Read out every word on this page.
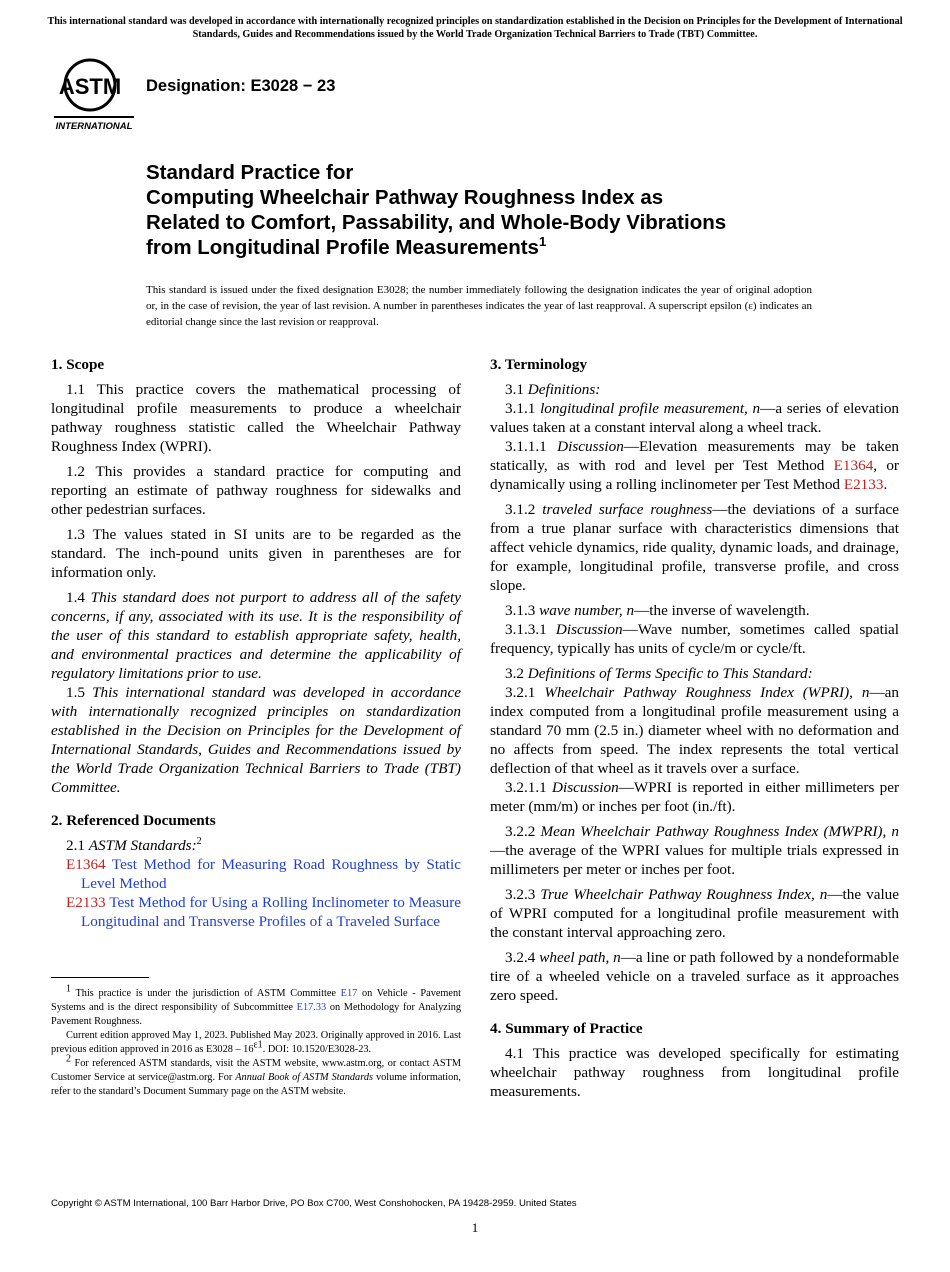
This international standard was developed in accordance with internationally recognized principles on standardization established in the Decision on Principles for the Development of International Standards, Guides and Recommendations issued by the World Trade Organization Technical Barriers to Trade (TBT) Committee.
ASTM
INTERNATIONAL
Designation: E3028 − 23
Standard Practice for
Computing Wheelchair Pathway Roughness Index as
Related to Comfort, Passability, and Whole-Body Vibrations
from Longitudinal Profile Measurements$^1$
This standard is issued under the fixed designation E3028; the number immediately following the designation indicates the year of original adoption or, in the case of revision, the year of last revision. A number in parentheses indicates the year of last reapproval. A superscript epsilon (ε) indicates an editorial change since the last revision or reapproval.
1. Scope

1.1 This practice covers the mathematical processing of longitudinal profile measurements to produce a wheelchair pathway roughness statistic called the Wheelchair Pathway Roughness Index (WPRI).

1.2 This provides a standard practice for computing and reporting an estimate of pathway roughness for sidewalks and other pedestrian surfaces.

1.3 The values stated in SI units are to be regarded as the standard. The inch-pound units given in parentheses are for information only.

1.4 This standard does not purport to address all of the safety concerns, if any, associated with its use. It is the responsibility of the user of this standard to establish appropriate safety, health, and environmental practices and determine the applicability of regulatory limitations prior to use.

1.5 This international standard was developed in accordance with internationally recognized principles on standardization established in the Decision on Principles for the Development of International Standards, Guides and Recommendations issued by the World Trade Organization Technical Barriers to Trade (TBT) Committee.

2. Referenced Documents

2.1 ASTM Standards:$^2$

E1364 Test Method for Measuring Road Roughness by Static Level Method

E2133 Test Method for Using a Rolling Inclinometer to Measure Longitudinal and Transverse Profiles of a Traveled Surface

1 This practice is under the jurisdiction of ASTM Committee E17 on Vehicle - Pavement Systems and is the direct responsibility of Subcommittee E17.33 on Methodology for Analyzing Pavement Roughness.

Current edition approved May 1, 2023. Published May 2023. Originally approved in 2016. Last previous edition approved in 2016 as E3028 – 16ε1. DOI: 10.1520/E3028-23.

2 For referenced ASTM standards, visit the ASTM website, www.astm.org, or contact ASTM Customer Service at service@astm.org. For Annual Book of ASTM Standards volume information, refer to the standard’s Document Summary page on the ASTM website.

3. Terminology

3.1 Definitions:

3.1.1 longitudinal profile measurement, n—a series of elevation values taken at a constant interval along a wheel track.

3.1.1.1 Discussion—Elevation measurements may be taken statically, as with rod and level per Test Method E1364, or dynamically using a rolling inclinometer per Test Method E2133.

3.1.2 traveled surface roughness—the deviations of a surface from a true planar surface with characteristics dimensions that affect vehicle dynamics, ride quality, dynamic loads, and drainage, for example, longitudinal profile, transverse profile, and cross slope.

3.1.3 wave number, n—the inverse of wavelength.

3.1.3.1 Discussion—Wave number, sometimes called spatial frequency, typically has units of cycle/m or cycle/ft.

3.2 Definitions of Terms Specific to This Standard:

3.2.1 Wheelchair Pathway Roughness Index (WPRI), n—an index computed from a longitudinal profile measurement using a standard 70 mm (2.5 in.) diameter wheel with no deformation and no affects from speed. The index represents the total vertical deflection of that wheel as it travels over a surface.

3.2.1.1 Discussion—WPRI is reported in either millimeters per meter (mm/m) or inches per foot (in./ft).

3.2.2 Mean Wheelchair Pathway Roughness Index (MWPRI), n—the average of the WPRI values for multiple trials expressed in millimeters per meter or inches per foot.

3.2.3 True Wheelchair Pathway Roughness Index, n—the value of WPRI computed for a longitudinal profile measurement with the constant interval approaching zero.

3.2.4 wheel path, n—a line or path followed by a nondeformable tire of a wheeled vehicle on a traveled surface as it approaches zero speed.

4. Summary of Practice

4.1 This practice was developed specifically for estimating wheelchair pathway roughness from longitudinal profile measurements.

Copyright © ASTM International, 100 Barr Harbor Drive, PO Box C700, West Conshohocken, PA 19428-2959. United States
1
